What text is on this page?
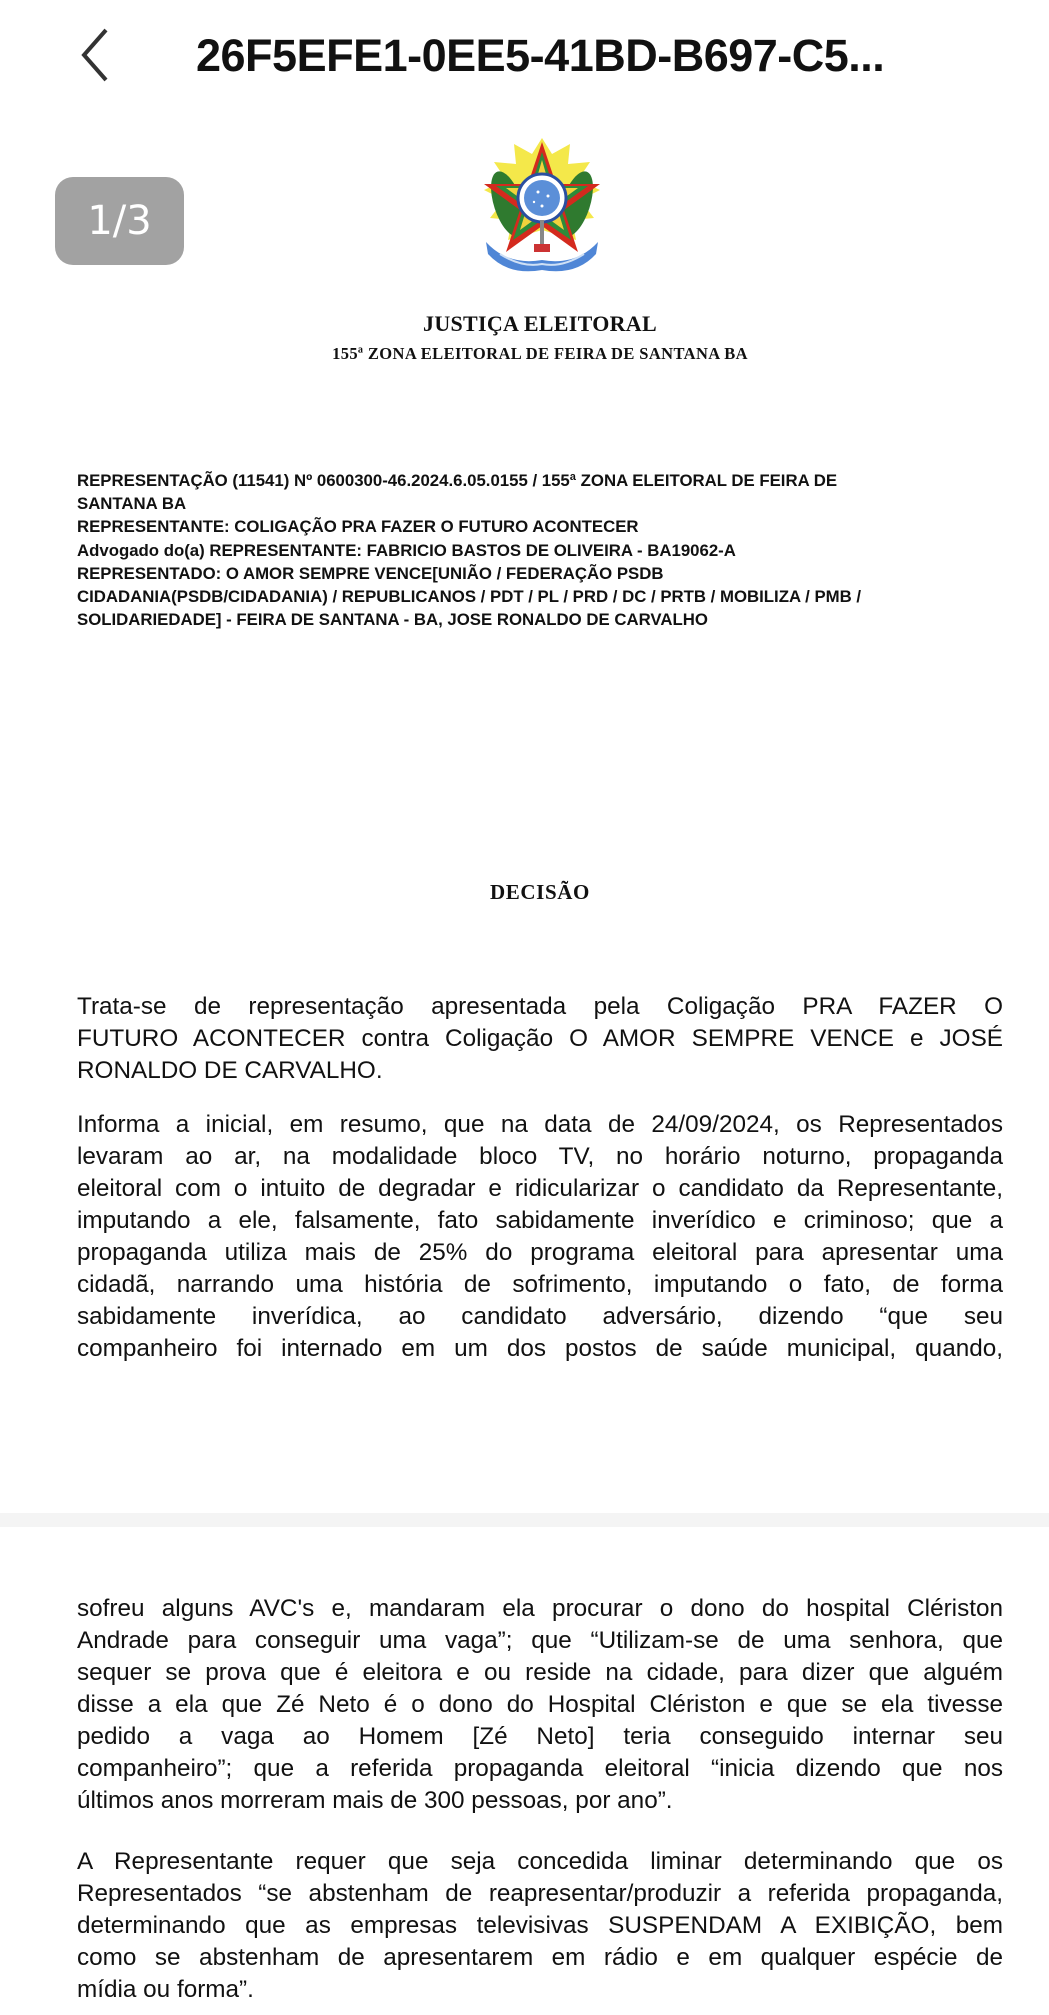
26F5EFE1-0EE5-41BD-B697-C5...
1/3
JUSTIÇA ELEITORAL
155ª ZONA ELEITORAL DE FEIRA DE SANTANA BA
REPRESENTAÇÃO (11541) Nº 0600300-46.2024.6.05.0155 / 155ª ZONA ELEITORAL DE FEIRA DE
SANTANA BA
REPRESENTANTE: COLIGAÇÃO PRA FAZER O FUTURO ACONTECER
Advogado do(a) REPRESENTANTE: FABRICIO BASTOS DE OLIVEIRA - BA19062-A
REPRESENTADO: O AMOR SEMPRE VENCE[UNIÃO / FEDERAÇÃO PSDB
CIDADANIA(PSDB/CIDADANIA) / REPUBLICANOS / PDT / PL / PRD / DC / PRTB / MOBILIZA / PMB /
SOLIDARIEDADE] - FEIRA DE SANTANA - BA, JOSE RONALDO DE CARVALHO
DECISÃO
Trata-se de representação apresentada pela Coligação PRA FAZER O
FUTURO ACONTECER contra Coligação O AMOR SEMPRE VENCE e JOSÉ
RONALDO DE CARVALHO.
Informa a inicial, em resumo, que na data de 24/09/2024, os Representados
levaram ao ar, na modalidade bloco TV, no horário noturno, propaganda
eleitoral com o intuito de degradar e ridicularizar o candidato da Representante,
imputando a ele, falsamente, fato sabidamente inverídico e criminoso; que a
propaganda utiliza mais de 25% do programa eleitoral para apresentar uma
cidadã, narrando uma história de sofrimento, imputando o fato, de forma
sabidamente inverídica, ao candidato adversário, dizendo “que seu
companheiro foi internado em um dos postos de saúde municipal, quando,
sofreu alguns AVC's e, mandaram ela procurar o dono do hospital Clériston
Andrade para conseguir uma vaga”; que “Utilizam-se de uma senhora, que
sequer se prova que é eleitora e ou reside na cidade, para dizer que alguém
disse a ela que Zé Neto é o dono do Hospital Clériston e que se ela tivesse
pedido a vaga ao Homem [Zé Neto] teria conseguido internar seu
companheiro”; que a referida propaganda eleitoral “inicia dizendo que nos
últimos anos morreram mais de 300 pessoas, por ano”.
A Representante requer que seja concedida liminar determinando que os
Representados “se abstenham de reapresentar/produzir a referida propaganda,
determinando que as empresas televisivas SUSPENDAM A EXIBIÇÃO, bem
como se abstenham de apresentarem em rádio e em qualquer espécie de
mídia ou forma”.
